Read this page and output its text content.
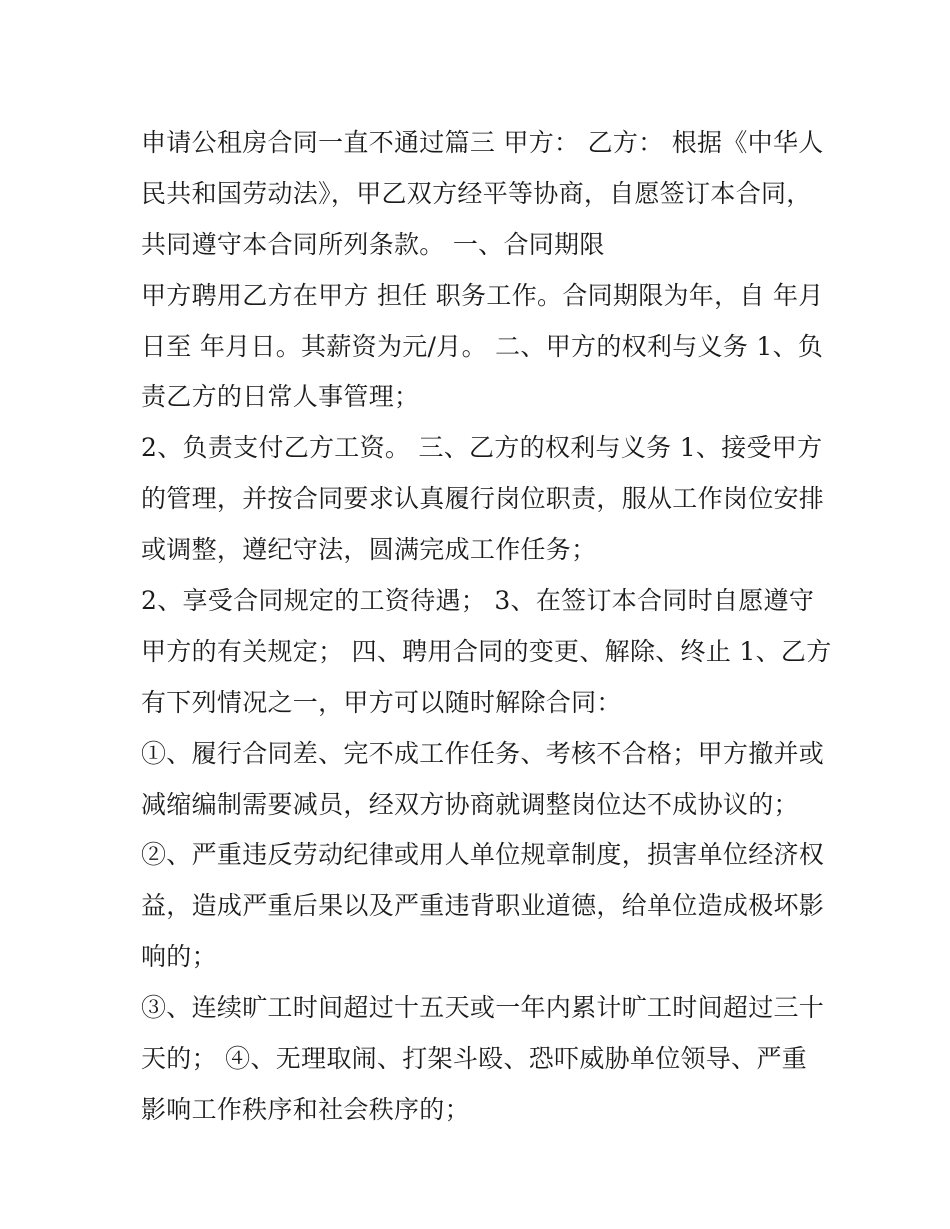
申请公租房合同一直不通过篇三 甲方： 乙方： 根据《中华人
民共和国劳动法》，甲乙双方经平等协商，自愿签订本合同，
共同遵守本合同所列条款。 一、合同期限
甲方聘用乙方在甲方 担任 职务工作。合同期限为年，自 年月
日至 年月日。其薪资为元/月。 二、甲方的权利与义务 1、负
责乙方的日常人事管理；
2、负责支付乙方工资。 三、乙方的权利与义务 1、接受甲方
的管理，并按合同要求认真履行岗位职责，服从工作岗位安排
或调整，遵纪守法，圆满完成工作任务；
2、享受合同规定的工资待遇； 3、在签订本合同时自愿遵守
甲方的有关规定； 四、聘用合同的变更、解除、终止 1、乙方
有下列情况之一，甲方可以随时解除合同：
①、履行合同差、完不成工作任务、考核不合格；甲方撤并或
减缩编制需要减员，经双方协商就调整岗位达不成协议的；
②、严重违反劳动纪律或用人单位规章制度，损害单位经济权
益，造成严重后果以及严重违背职业道德，给单位造成极坏影
响的；
③、连续旷工时间超过十五天或一年内累计旷工时间超过三十
天的； ④、无理取闹、打架斗殴、恐吓威胁单位领导、严重
影响工作秩序和社会秩序的；
